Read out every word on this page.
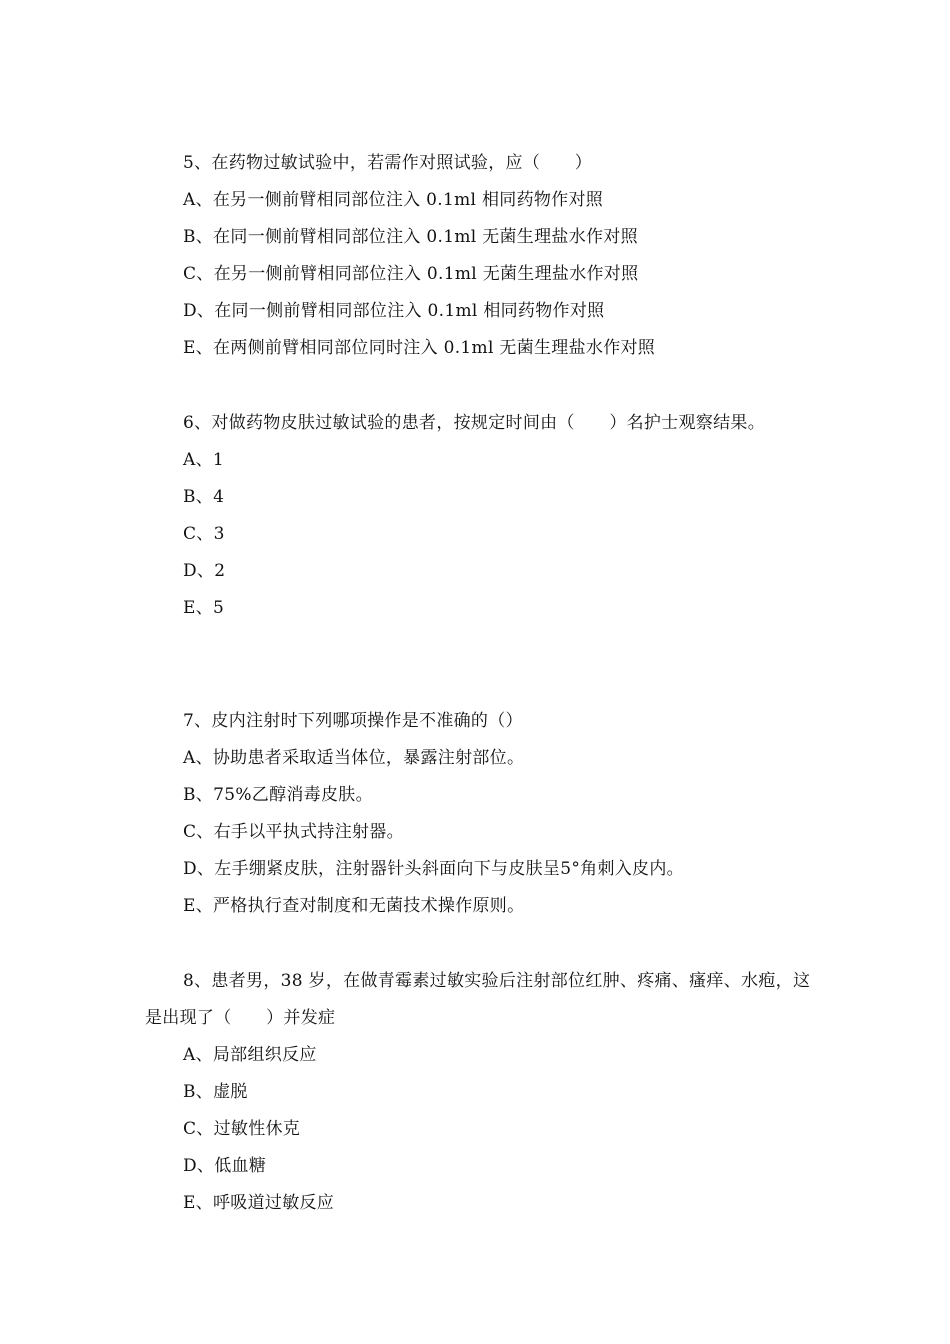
5、在药物过敏试验中，若需作对照试验，应（　　）

A、在另一侧前臂相同部位注入 0.1ml 相同药物作对照

B、在同一侧前臂相同部位注入 0.1ml 无菌生理盐水作对照

C、在另一侧前臂相同部位注入 0.1ml 无菌生理盐水作对照

D、在同一侧前臂相同部位注入 0.1ml 相同药物作对照

E、在两侧前臂相同部位同时注入 0.1ml 无菌生理盐水作对照

6、对做药物皮肤过敏试验的患者，按规定时间由（　　）名护士观察结果。

A、1

B、4

C、3

D、2

E、5

7、皮内注射时下列哪项操作是不准确的（）

A、协助患者采取适当体位，暴露注射部位。

B、75%乙醇消毒皮肤。

C、右手以平执式持注射器。

D、左手绷紧皮肤，注射器针头斜面向下与皮肤呈5°角刺入皮内。

E、严格执行查对制度和无菌技术操作原则。

8、患者男，38 岁，在做青霉素过敏实验后注射部位红肿、疼痛、瘙痒、水疱，这是出现了（　　）并发症

A、局部组织反应

B、虚脱

C、过敏性休克

D、低血糖

E、呼吸道过敏反应
